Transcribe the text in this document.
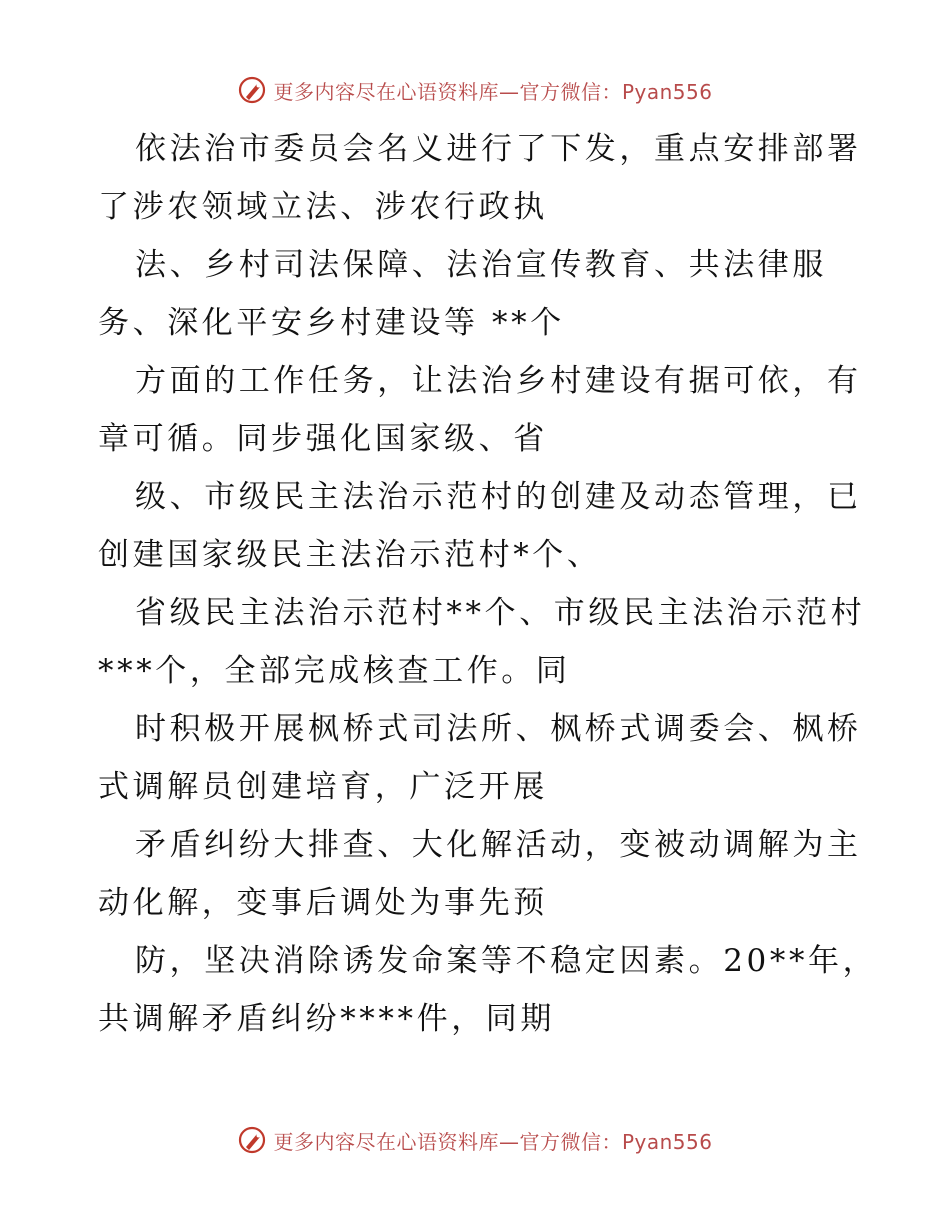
更多内容尽在心语资料库—官方微信：Pyan556
依法治市委员会名义进行了下发，重点安排部署
了涉农领域立法、涉农行政执
法、乡村司法保障、法治宣传教育、共法律服
务、深化平安乡村建设等 **个
方面的工作任务，让法治乡村建设有据可依，有
章可循。同步强化国家级、省
级、市级民主法治示范村的创建及动态管理，已
创建国家级民主法治示范村*个、
省级民主法治示范村**个、市级民主法治示范村
***个，全部完成核查工作。同
时积极开展枫桥式司法所、枫桥式调委会、枫桥
式调解员创建培育，广泛开展
矛盾纠纷大排查、大化解活动，变被动调解为主
动化解，变事后调处为事先预
防，坚决消除诱发命案等不稳定因素。20**年，
共调解矛盾纠纷****件，同期
更多内容尽在心语资料库—官方微信：Pyan556
